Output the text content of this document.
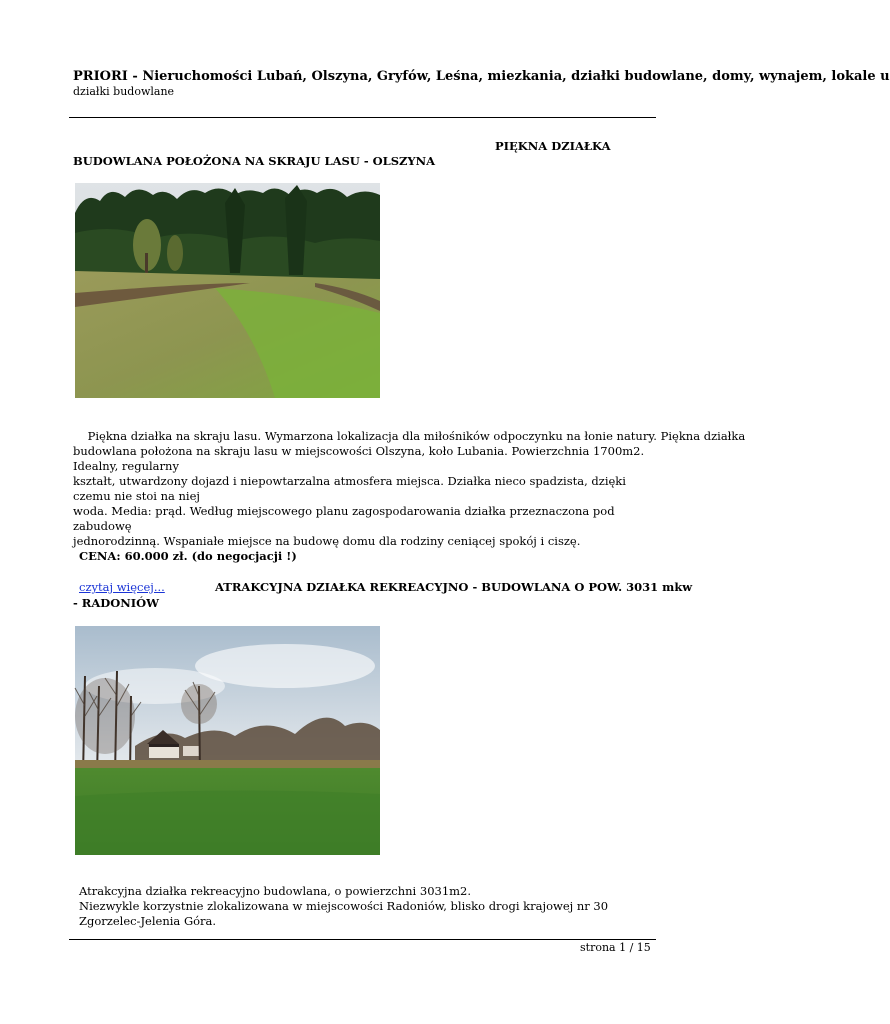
PRIORI - Nieruchomości Lubań, Olszyna, Gryfów, Leśna, miezkania, działki budowlane, domy, wynajem, lokale u
działki budowlane
PIĘKNA DZIAŁKA
BUDOWLANA POŁOŻONA NA SKRAJU LASU - OLSZYNA

Piękna działka na skraju lasu. Wymarzona lokalizacja dla miłośników odpoczynku na łonie natury. Piękna działka

budowlana położona na skraju lasu w miejscowości Olszyna, koło Lubania. Powierzchnia 1700m2. Idealny, regularny

kształt, utwardzony dojazd i niepowtarzalna atmosfera miejsca. Działka nieco spadzista, dzięki czemu nie stoi na niej

woda. Media: prąd. Według miejscowego planu zagospodarowania działka przeznaczona pod zabudowę

jednorodzinną. Wspaniałe miejsce na budowę domu dla rodziny ceniącej spokój i ciszę.

CENA: 60.000 zł. (do negocjacji !)
czytaj więcej...	ATRAKCYJNA DZIAŁKA REKREACYJNO - BUDOWLANA O POW. 3031 mkw
- RADONIÓW

Atrakcyjna działka rekreacyjno budowlana, o powierzchni 3031m2.

Niezwykle korzystnie zlokalizowana w miejscowości Radoniów, blisko drogi krajowej nr 30 Zgorzelec-Jelenia Góra.

strona 1 / 15
